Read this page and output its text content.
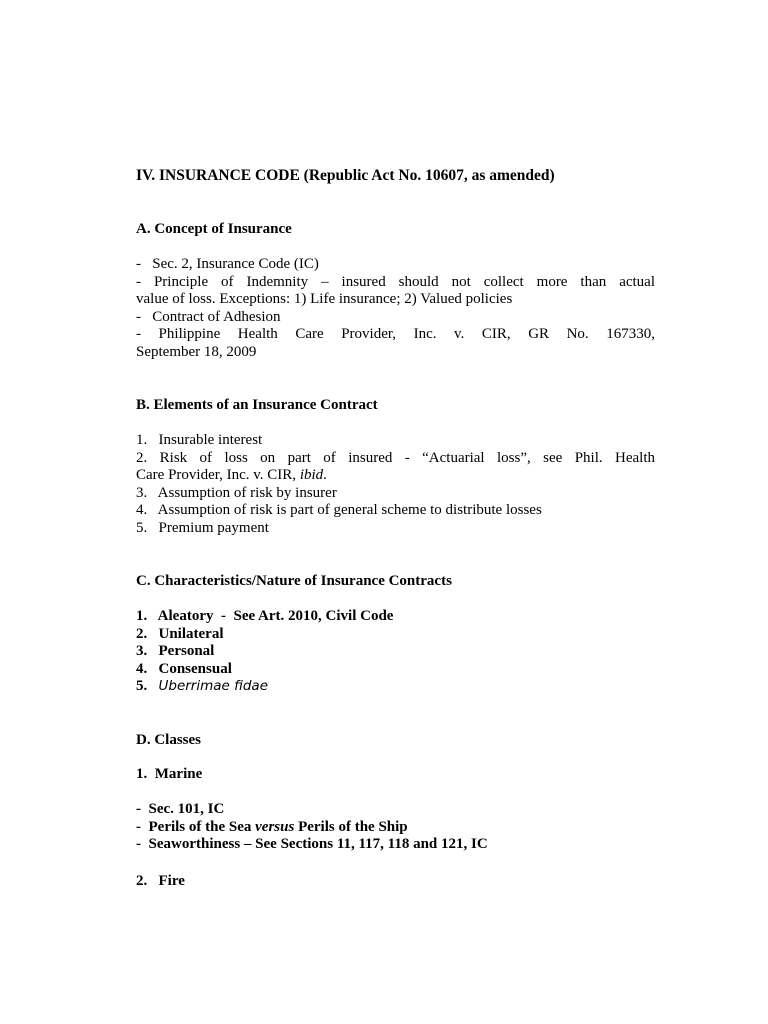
IV. INSURANCE CODE (Republic Act No. 10607, as amended)
A. Concept of Insurance
-   Sec. 2, Insurance Code (IC)
- Principle of Indemnity – insured should not collect more than actual
value of loss. Exceptions: 1) Life insurance; 2) Valued policies
-   Contract of Adhesion
- Philippine Health Care Provider, Inc. v. CIR, GR No. 167330,
September 18, 2009
B. Elements of an Insurance Contract
1.   Insurable interest
2. Risk of loss on part of insured - “Actuarial loss”, see Phil. Health
Care Provider, Inc. v. CIR, ibid.
3.   Assumption of risk by insurer
4.   Assumption of risk is part of general scheme to distribute losses
5.   Premium payment
C. Characteristics/Nature of Insurance Contracts
1.   Aleatory  -  See Art. 2010, Civil Code
2.   Unilateral
3.   Personal
4.   Consensual
5.   Uberrimae fidae
D. Classes
1.  Marine
-  Sec. 101, IC
-  Perils of the Sea versus Perils of the Ship
-  Seaworthiness – See Sections 11, 117, 118 and 121, IC
2.   Fire
